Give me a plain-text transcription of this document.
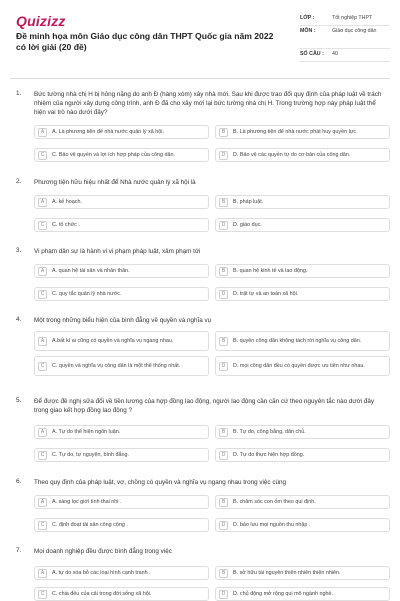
Quizizz
Đề minh họa môn Giáo dục công dân THPT Quốc gia năm 2022 có lời giải (20 đề)
LỚP :	Tốt nghiệp THPT
MÔN :	Giáo dục công dân
SỐ CÂU :	40
1. Bức tường nhà chị H bị hỏng nặng do anh Đ (hàng xóm) xây nhà mới. Sau khi được trao đổi quy định của pháp luật về trách nhiệm của người xây dựng công trình, anh Đ đã cho xây mới lại bức tường nhà chị H. Trong trường hợp này pháp luật thể hiện vai trò nào dưới đây?
A	A. Là phương tiện để nhà nước quản lý xã hội.	B	B. Là phương tiện để nhà nước phát huy quyền lực.
C	C. Bảo vệ quyền và lợi ích hợp pháp của công dân.	D	D. Bảo vệ các quyền tự do cơ bản của công dân.
2. Phương tiện hữu hiệu nhất để Nhà nước quản lý xã hội là
A	A. kế hoạch.	B	B. pháp luật.
C	C. tổ chức .	D	D. giáo dục.
3. Vi phạm dân sự là hành vi vi phạm pháp luật, xâm phạm tới
A	A. quan hệ tài sản và nhân thân.	B	B. quan hệ kinh tế và lao động.
C	C. quy tắc quản lý nhà nước.	D	D. trật tự và an toàn xã hội.
4. Một trong những biểu hiện của bình đẳng về quyền và nghĩa vụ
A	A.bất kì ai cũng có quyền và nghĩa vụ ngang nhau.	B	B. quyền công dân không tách rời nghĩa vụ công dân.
C	C. quyền và nghĩa vụ công dân là một thể thống nhất.	D	D. mọi công dân đều có quyền được ưu tiên như nhau.
5. Để được đề nghị sửa đổi về tiền lương của hợp đồng lao động, người lao động cần căn cứ theo nguyên tắc nào dưới đây trong giao kết hợp đồng lao động ?
A	A. Tự do thể hiện ngôn luận.	B	B. Tự do, công bằng, dân chủ.
C	C. Tự do, tự nguyện, bình đẳng.	D	D. Tự do thực hiện hợp đồng.
6. Theo quy định của pháp luật, vợ, chồng có quyền và nghĩa vụ ngang nhau trong việc cùng
A	A. sàng lọc giới tính thai nhi .	B	B. chăm sóc con ốm theo qui định.
C	C. định đoạt tài sản công cộng .	D	D. bảo lưu mọi nguồn thu nhập .
7. Mọi doanh nghiệp đều được bình đẳng trong việc
A	A. tự do xóa bỏ các loại hình cạnh tranh .	B	B. sở hữu tài nguyên thiên nhiên thiên nhiên.
C	C. chia đều của cải trong đời sống xã hội.	D	D. chủ động mở rộng qui mô ngành nghề.
